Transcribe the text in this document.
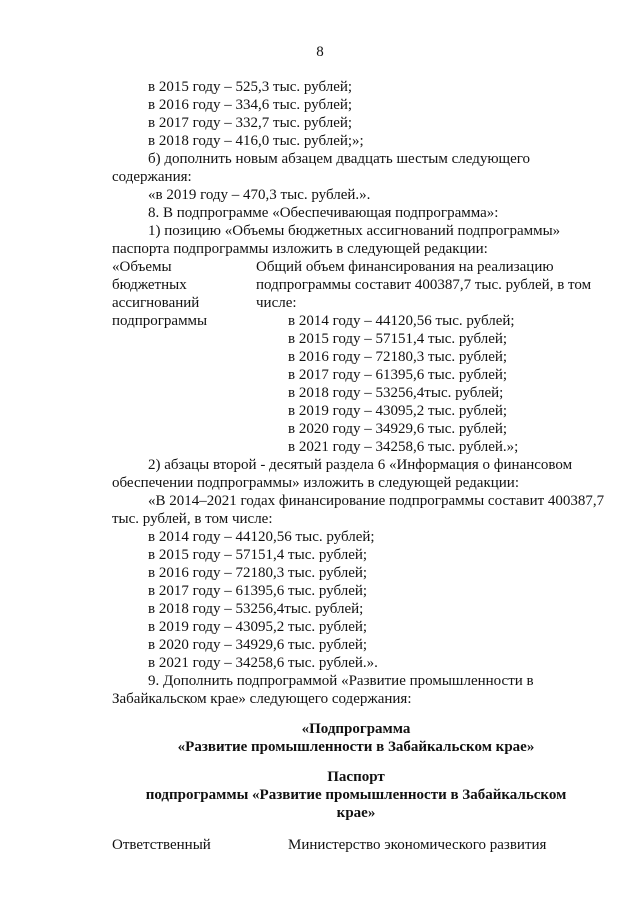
8
в 2015 году – 525,3 тыс. рублей;
в 2016 году – 334,6 тыс. рублей;
в 2017 году – 332,7 тыс. рублей;
в 2018 году – 416,0 тыс. рублей;»;
б) дополнить новым абзацем двадцать шестым следующего
содержания:
«в 2019 году – 470,3 тыс. рублей.».
8. В подпрограмме «Обеспечивающая подпрограмма»:
1) позицию «Объемы бюджетных ассигнований подпрограммы»
паспорта подпрограммы изложить в следующей редакции:
«Объемы
бюджетных
ассигнований
подпрограммы
Общий объем финансирования на реализацию
подпрограммы составит 400387,7 тыс. рублей, в том
числе:
в 2014 году – 44120,56 тыс. рублей;
в 2015 году – 57151,4 тыс. рублей;
в 2016 году – 72180,3 тыс. рублей;
в 2017 году – 61395,6 тыс. рублей;
в 2018 году – 53256,4тыс. рублей;
в 2019 году – 43095,2 тыс. рублей;
в 2020 году – 34929,6 тыс. рублей;
в 2021 году – 34258,6 тыс. рублей.»;
2) абзацы второй - десятый раздела 6 «Информация о финансовом
обеспечении подпрограммы» изложить в следующей редакции:
«В 2014–2021 годах финансирование подпрограммы составит 400387,7
тыс. рублей, в том числе:
в 2014 году – 44120,56 тыс. рублей;
в 2015 году – 57151,4 тыс. рублей;
в 2016 году – 72180,3 тыс. рублей;
в 2017 году – 61395,6 тыс. рублей;
в 2018 году – 53256,4тыс. рублей;
в 2019 году – 43095,2 тыс. рублей;
в 2020 году – 34929,6 тыс. рублей;
в 2021 году – 34258,6 тыс. рублей.».
9. Дополнить подпрограммой «Развитие промышленности в
Забайкальском крае» следующего содержания:
«Подпрограмма
«Развитие промышленности в Забайкальском крае»
Паспорт
подпрограммы «Развитие промышленности в Забайкальском
крае»
Ответственный	Министерство экономического развития
